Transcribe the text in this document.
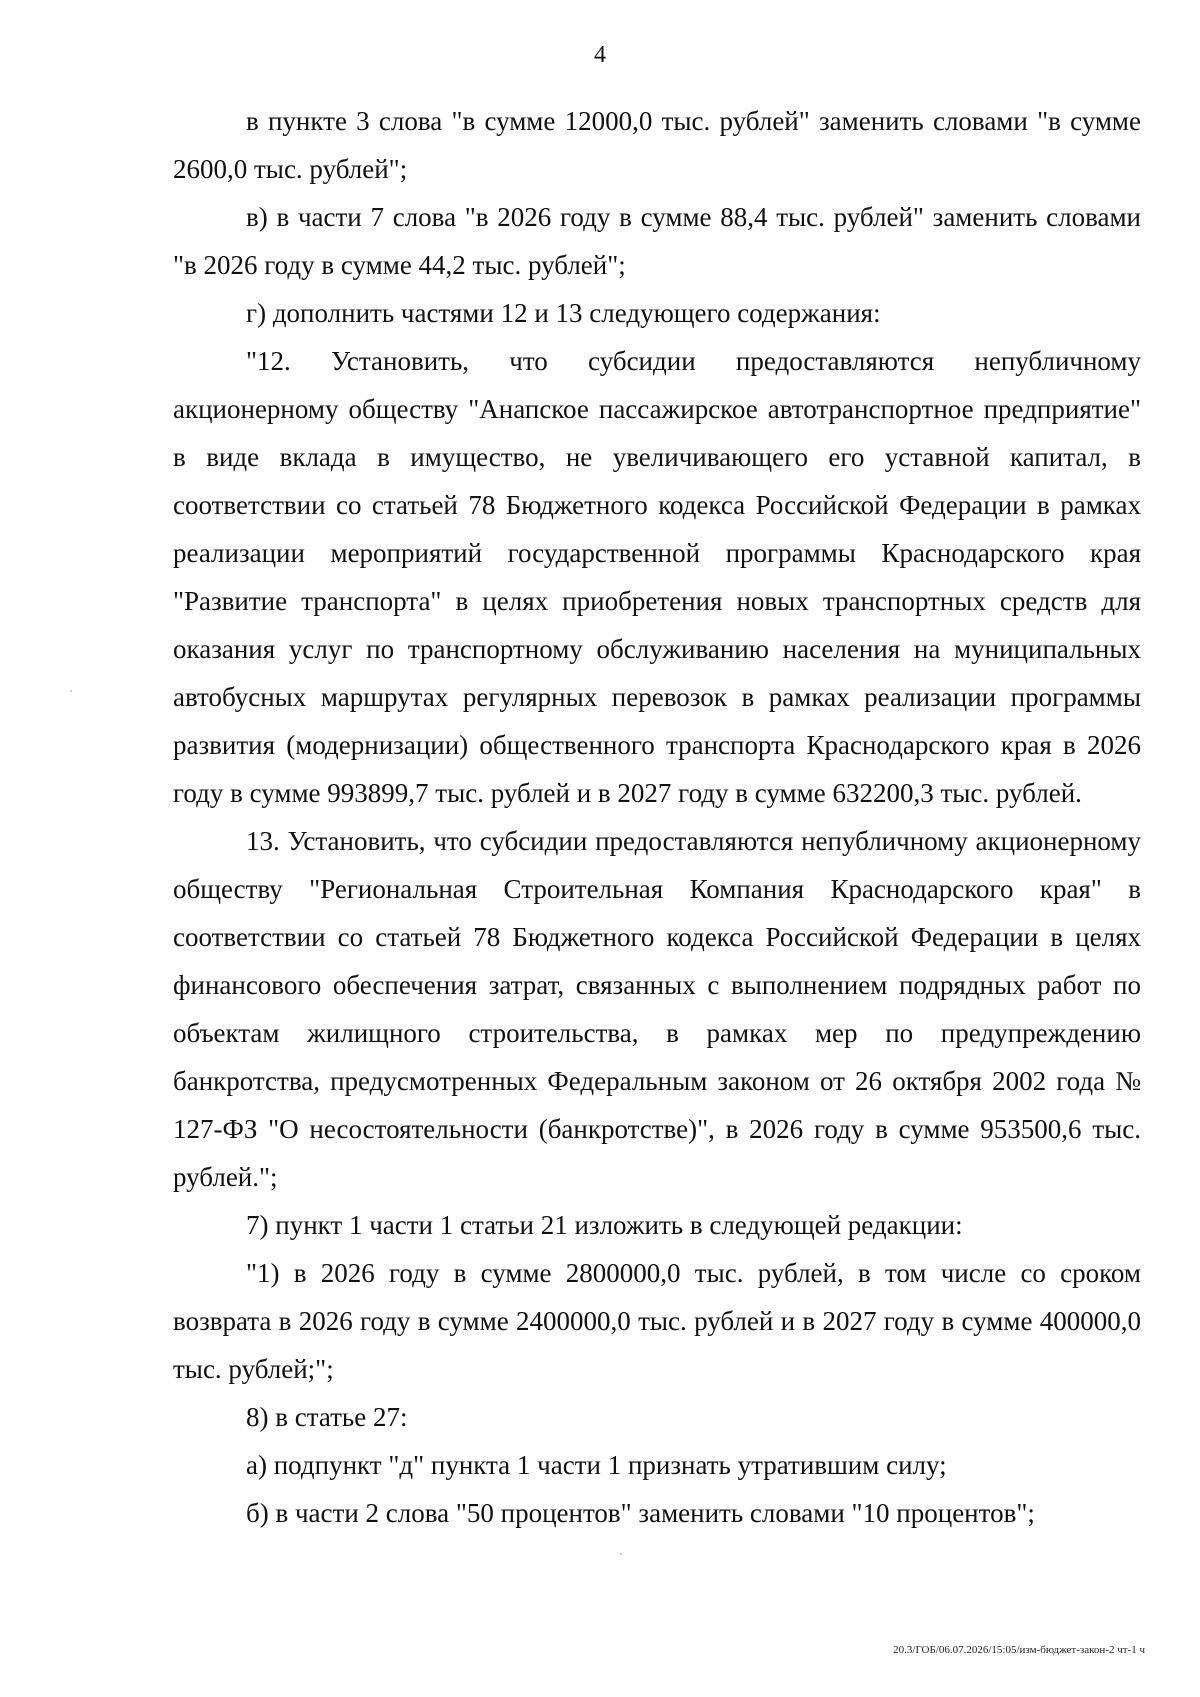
4

в пункте 3 слова "в сумме 12000,0 тыс. рублей" заменить словами "в сумме 2600,0 тыс. рублей";

в) в части 7 слова "в 2026 году в сумме 88,4 тыс. рублей" заменить словами "в 2026 году в сумме 44,2 тыс. рублей";

г) дополнить частями 12 и 13 следующего содержания:

"12. Установить, что субсидии предоставляются непубличному акционерному обществу "Анапское пассажирское автотранспортное предприятие" в виде вклада в имущество, не увеличивающего его уставной капитал, в соответствии со статьей 78 Бюджетного кодекса Российской Федерации в рамках реализации мероприятий государственной программы Краснодарского края "Развитие транспорта" в целях приобретения новых транспортных средств для оказания услуг по транспортному обслуживанию населения на муниципальных автобусных маршрутах регулярных перевозок в рамках реализации программы развития (модернизации) общественного транспорта Краснодарского края в 2026 году в сумме 993899,7 тыс. рублей и в 2027 году в сумме 632200,3 тыс. рублей.

13. Установить, что субсидии предоставляются непубличному акционерному обществу "Региональная Строительная Компания Краснодарского края" в соответствии со статьей 78 Бюджетного кодекса Российской Федерации в целях финансового обеспечения затрат, связанных с выполнением подрядных работ по объектам жилищного строительства, в рамках мер по предупреждению банкротства, предусмотренных Федеральным законом от 26 октября 2002 года № 127-ФЗ "О несостоятельности (банкротстве)", в 2026 году в сумме 953500,6 тыс. рублей.";

7) пункт 1 части 1 статьи 21 изложить в следующей редакции:

"1) в 2026 году в сумме 2800000,0 тыс. рублей, в том числе со сроком возврата в 2026 году в сумме 2400000,0 тыс. рублей и в 2027 году в сумме 400000,0 тыс. рублей;";

8) в статье 27:

а) подпункт "д" пункта 1 части 1 признать утратившим силу;

б) в части 2 слова "50 процентов" заменить словами "10 процентов";

20.3/ГОБ/06.07.2026/15:05/изм-бюджет-закон-2 чт-1 ч
